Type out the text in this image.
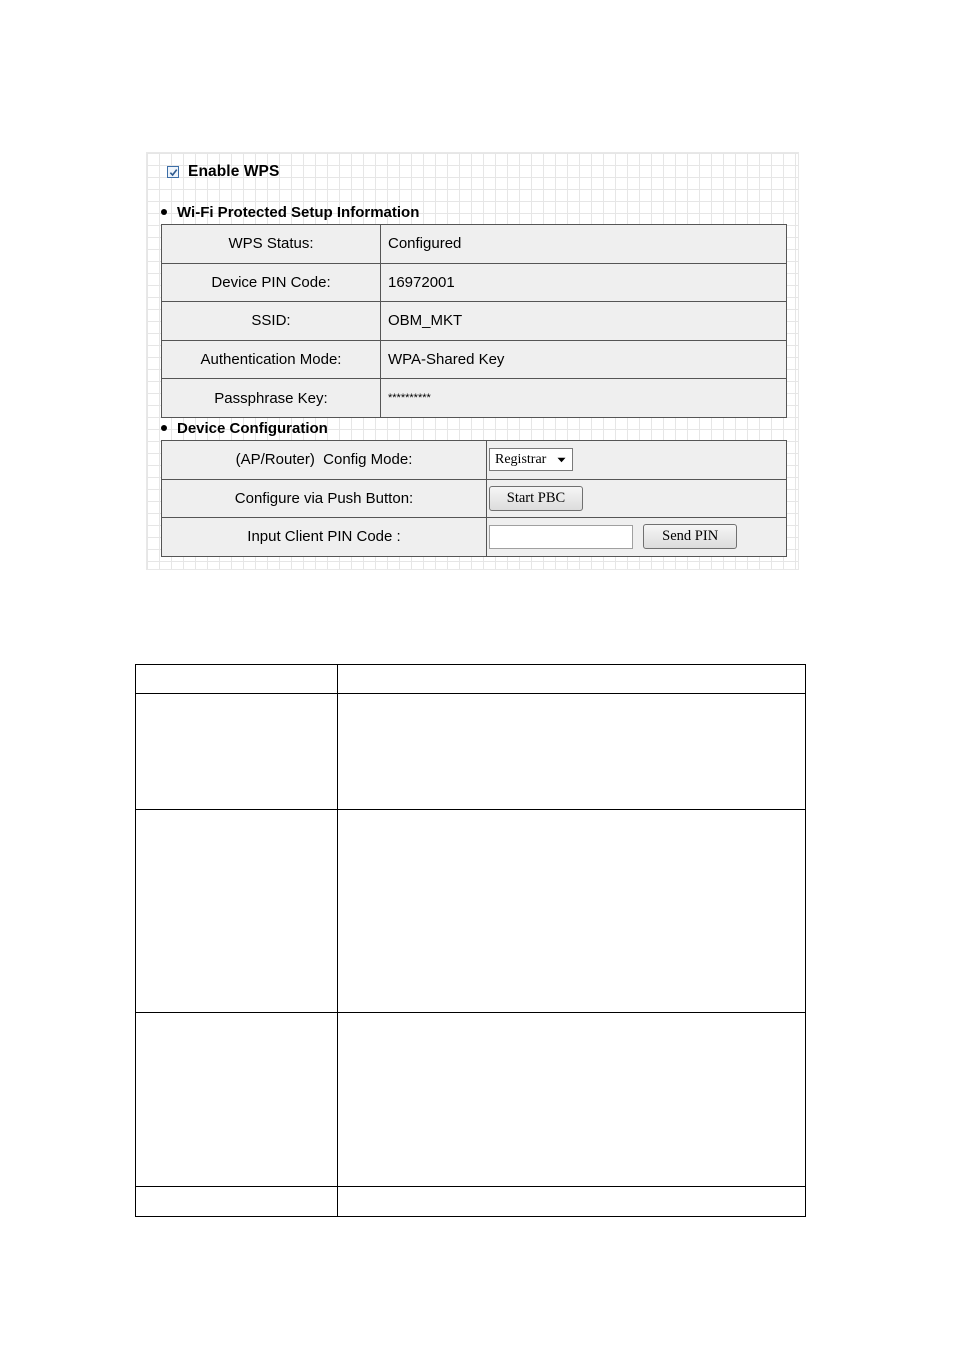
Enable WPS
Wi-Fi Protected Setup Information
WPS Status:	Configured
Device PIN Code:	16972001
SSID:	OBM_MKT
Authentication Mode:	WPA-Shared Key
Passphrase Key:	**********
Device Configuration
(AP/Router)  Config Mode:	Registrar

Configure via Push Button:	Start PBC
Input Client PIN Code :	Send PIN
